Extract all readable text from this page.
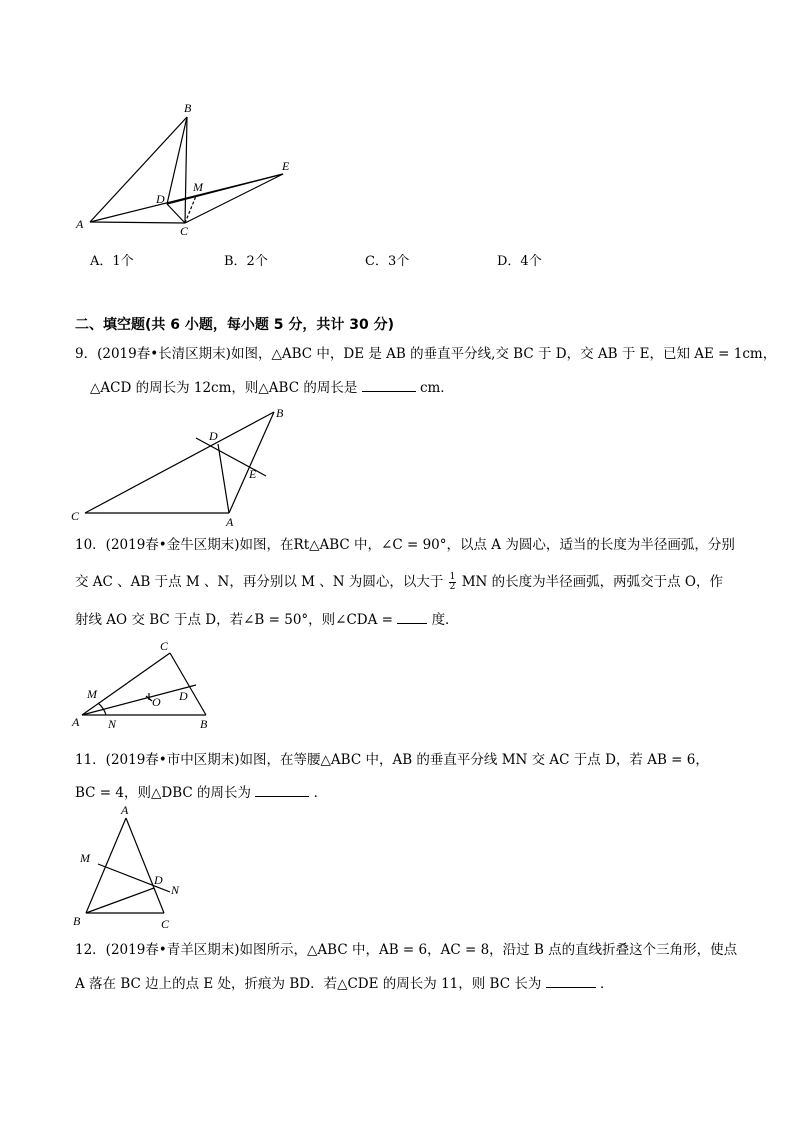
B
E
M
D
A	C
A．1个	B．2个	C．3个	D．4个
二、填空题(共 6 小题，每小题 5 分，共计 30 分)
9．(2019春•长清区期末)如图，△ABC 中，DE 是 AB 的垂直平分线,交 BC 于 D，交 AB 于 E，已知 AE = 1cm，
△ACD 的周长为 12cm，则△ABC 的周长是	cm．
B
D
E
C	A
10．(2019春•金牛区期末)如图，在Rt△ABC 中，∠C = 90°，以点 A 为圆心，适当的长度为半径画弧，分别
交 AC 、AB 于点 M 、N，再分别以 M 、N 为圆心，以大于 $\frac{1}{2}$ MN 的长度为半径画弧，两弧交于点 O，作
射线 AO 交 BC 于点 D，若∠B = 50°，则∠CDA =	度．
C
M
O D
A N	B
11．(2019春•市中区期末)如图，在等腰△ABC 中，AB 的垂直平分线 MN 交 AC 于点 D，若 AB = 6，
BC = 4，则△DBC 的周长为	．
A
M
D
N
B	C
12．(2019春•青羊区期末)如图所示，△ABC 中，AB = 6，AC = 8，沿过 B 点的直线折叠这个三角形，使点
A 落在 BC 边上的点 E 处，折痕为 BD．若△CDE 的周长为 11，则 BC 长为	．
